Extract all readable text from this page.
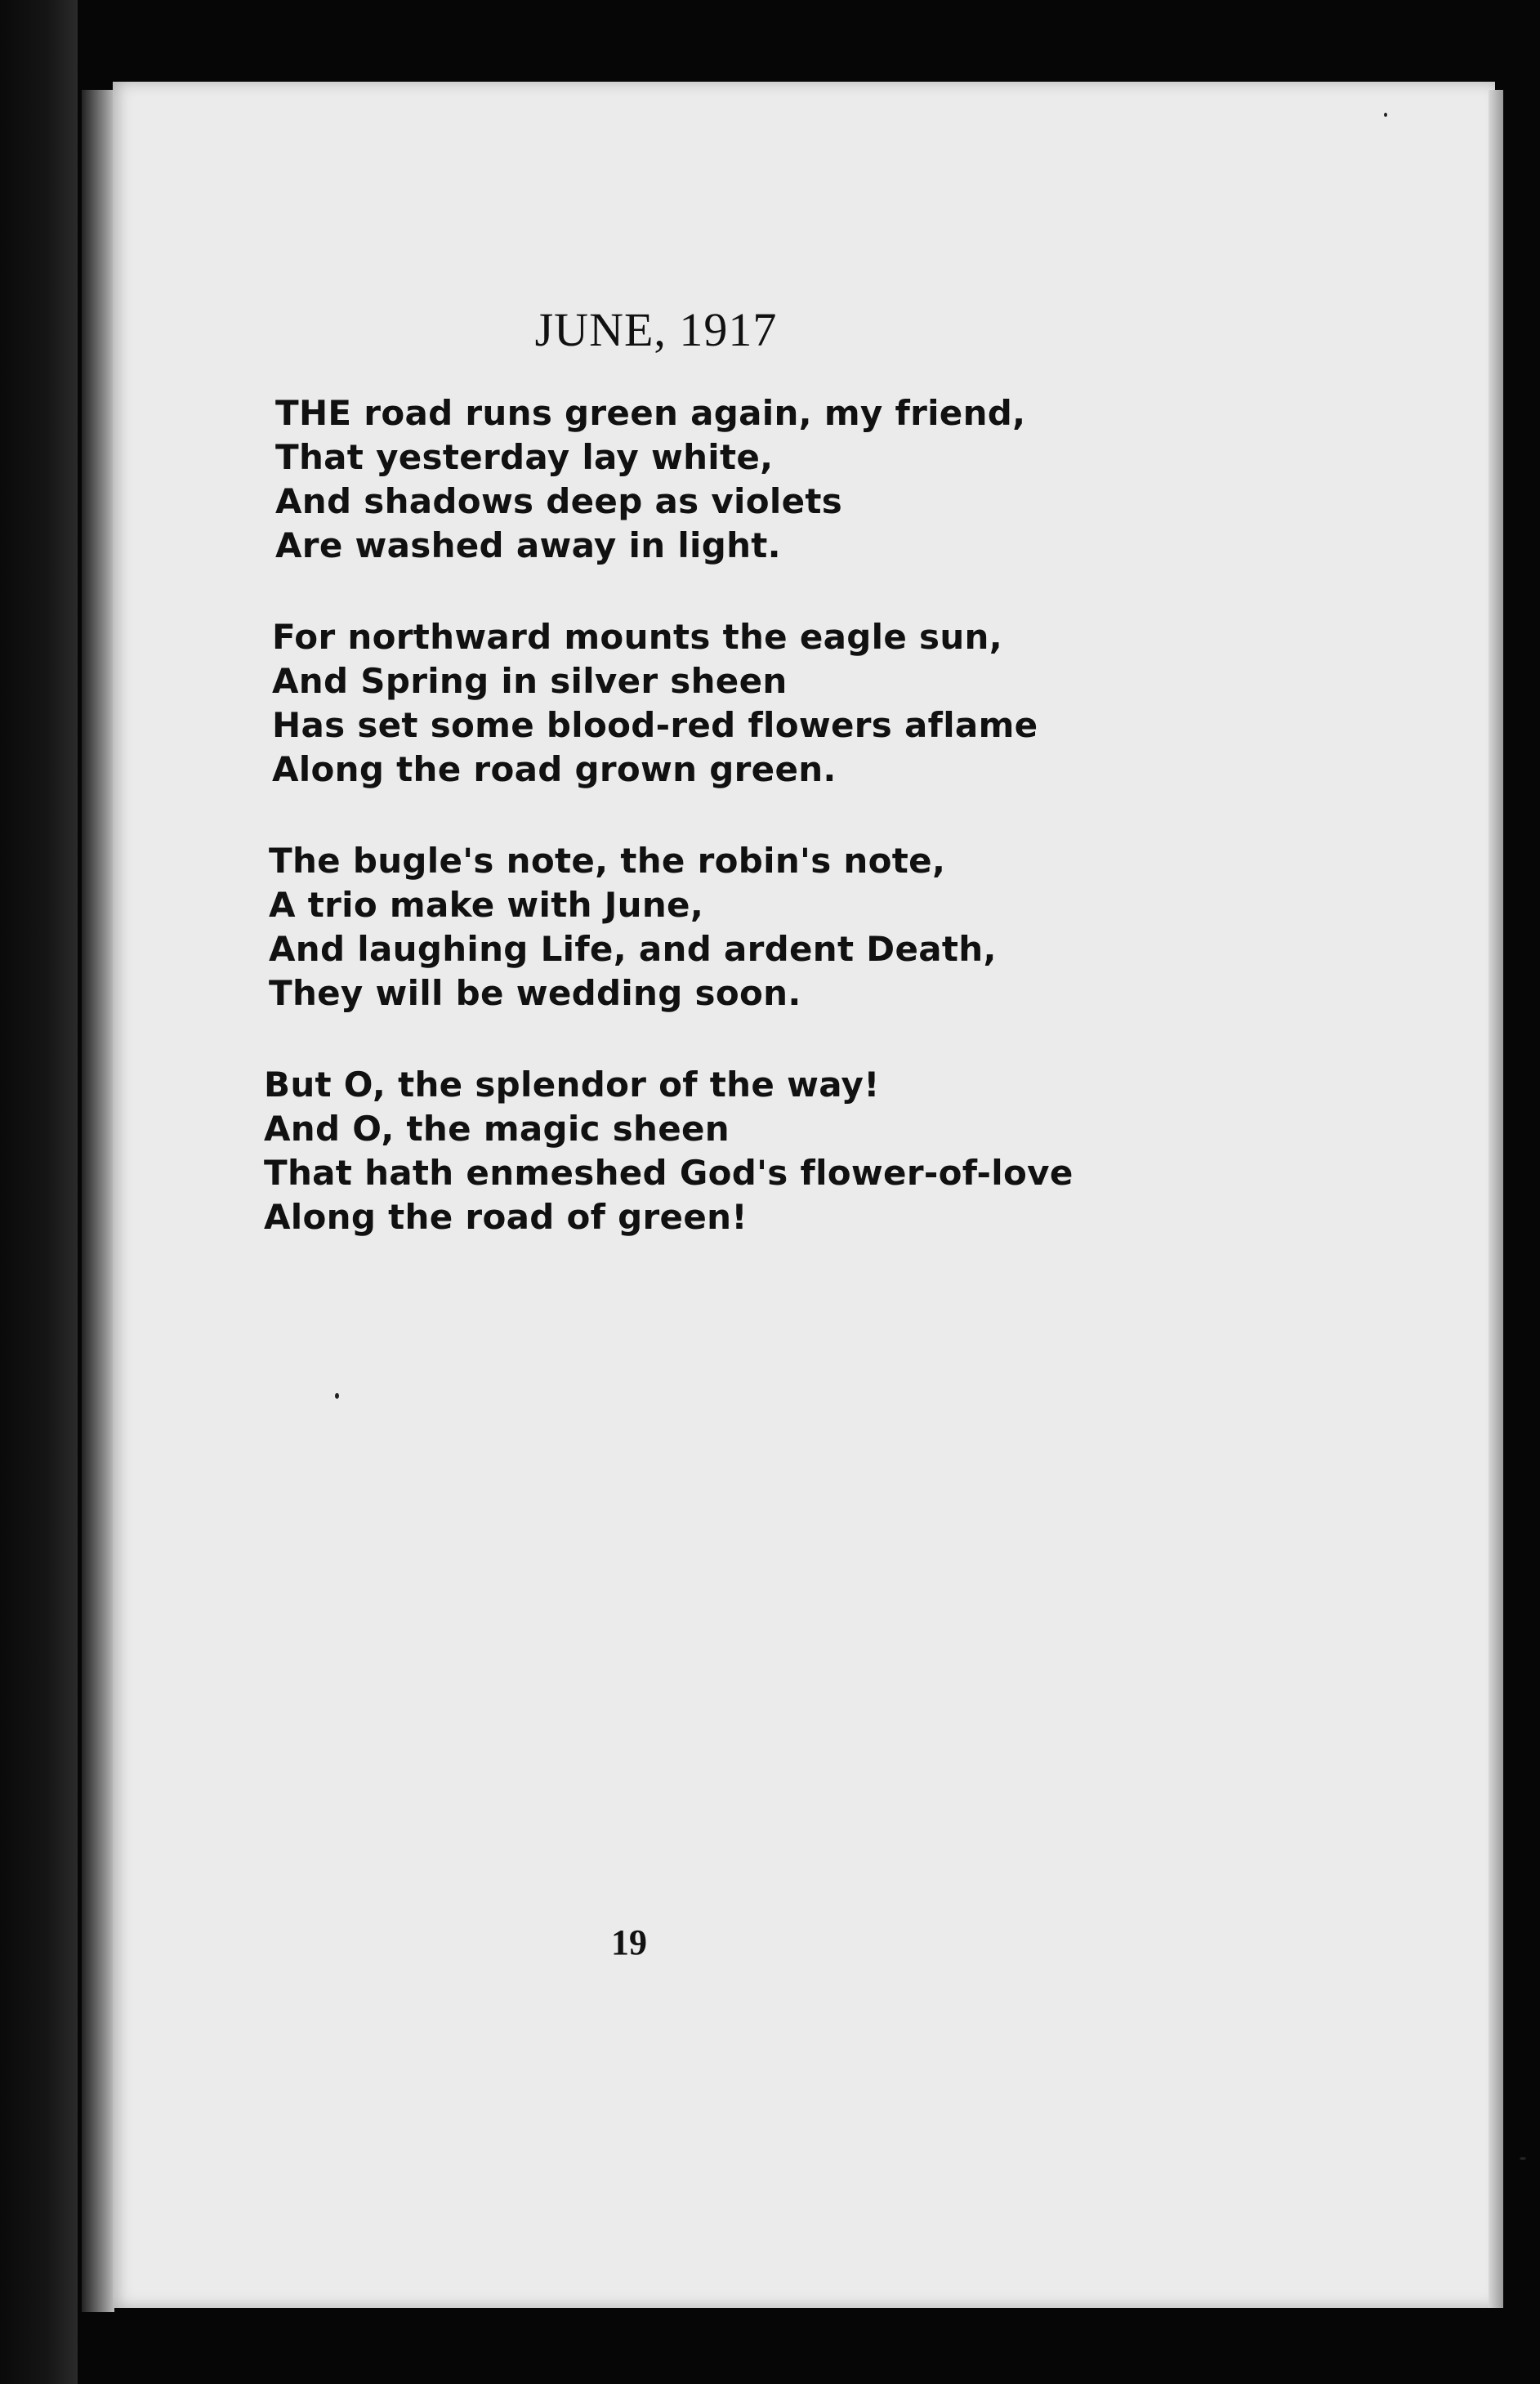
JUNE, 1917
THE road runs green again, my friend,
That yesterday lay white,
And shadows deep as violets
Are washed away in light.
For northward mounts the eagle sun,
And Spring in silver sheen
Has set some blood-red flowers aflame
Along the road grown green.
The bugle's note, the robin's note,
A trio make with June,
And laughing Life, and ardent Death,
They will be wedding soon.
But O, the splendor of the way!
And O, the magic sheen
That hath enmeshed God's flower-of-love
Along the road of green!
19
